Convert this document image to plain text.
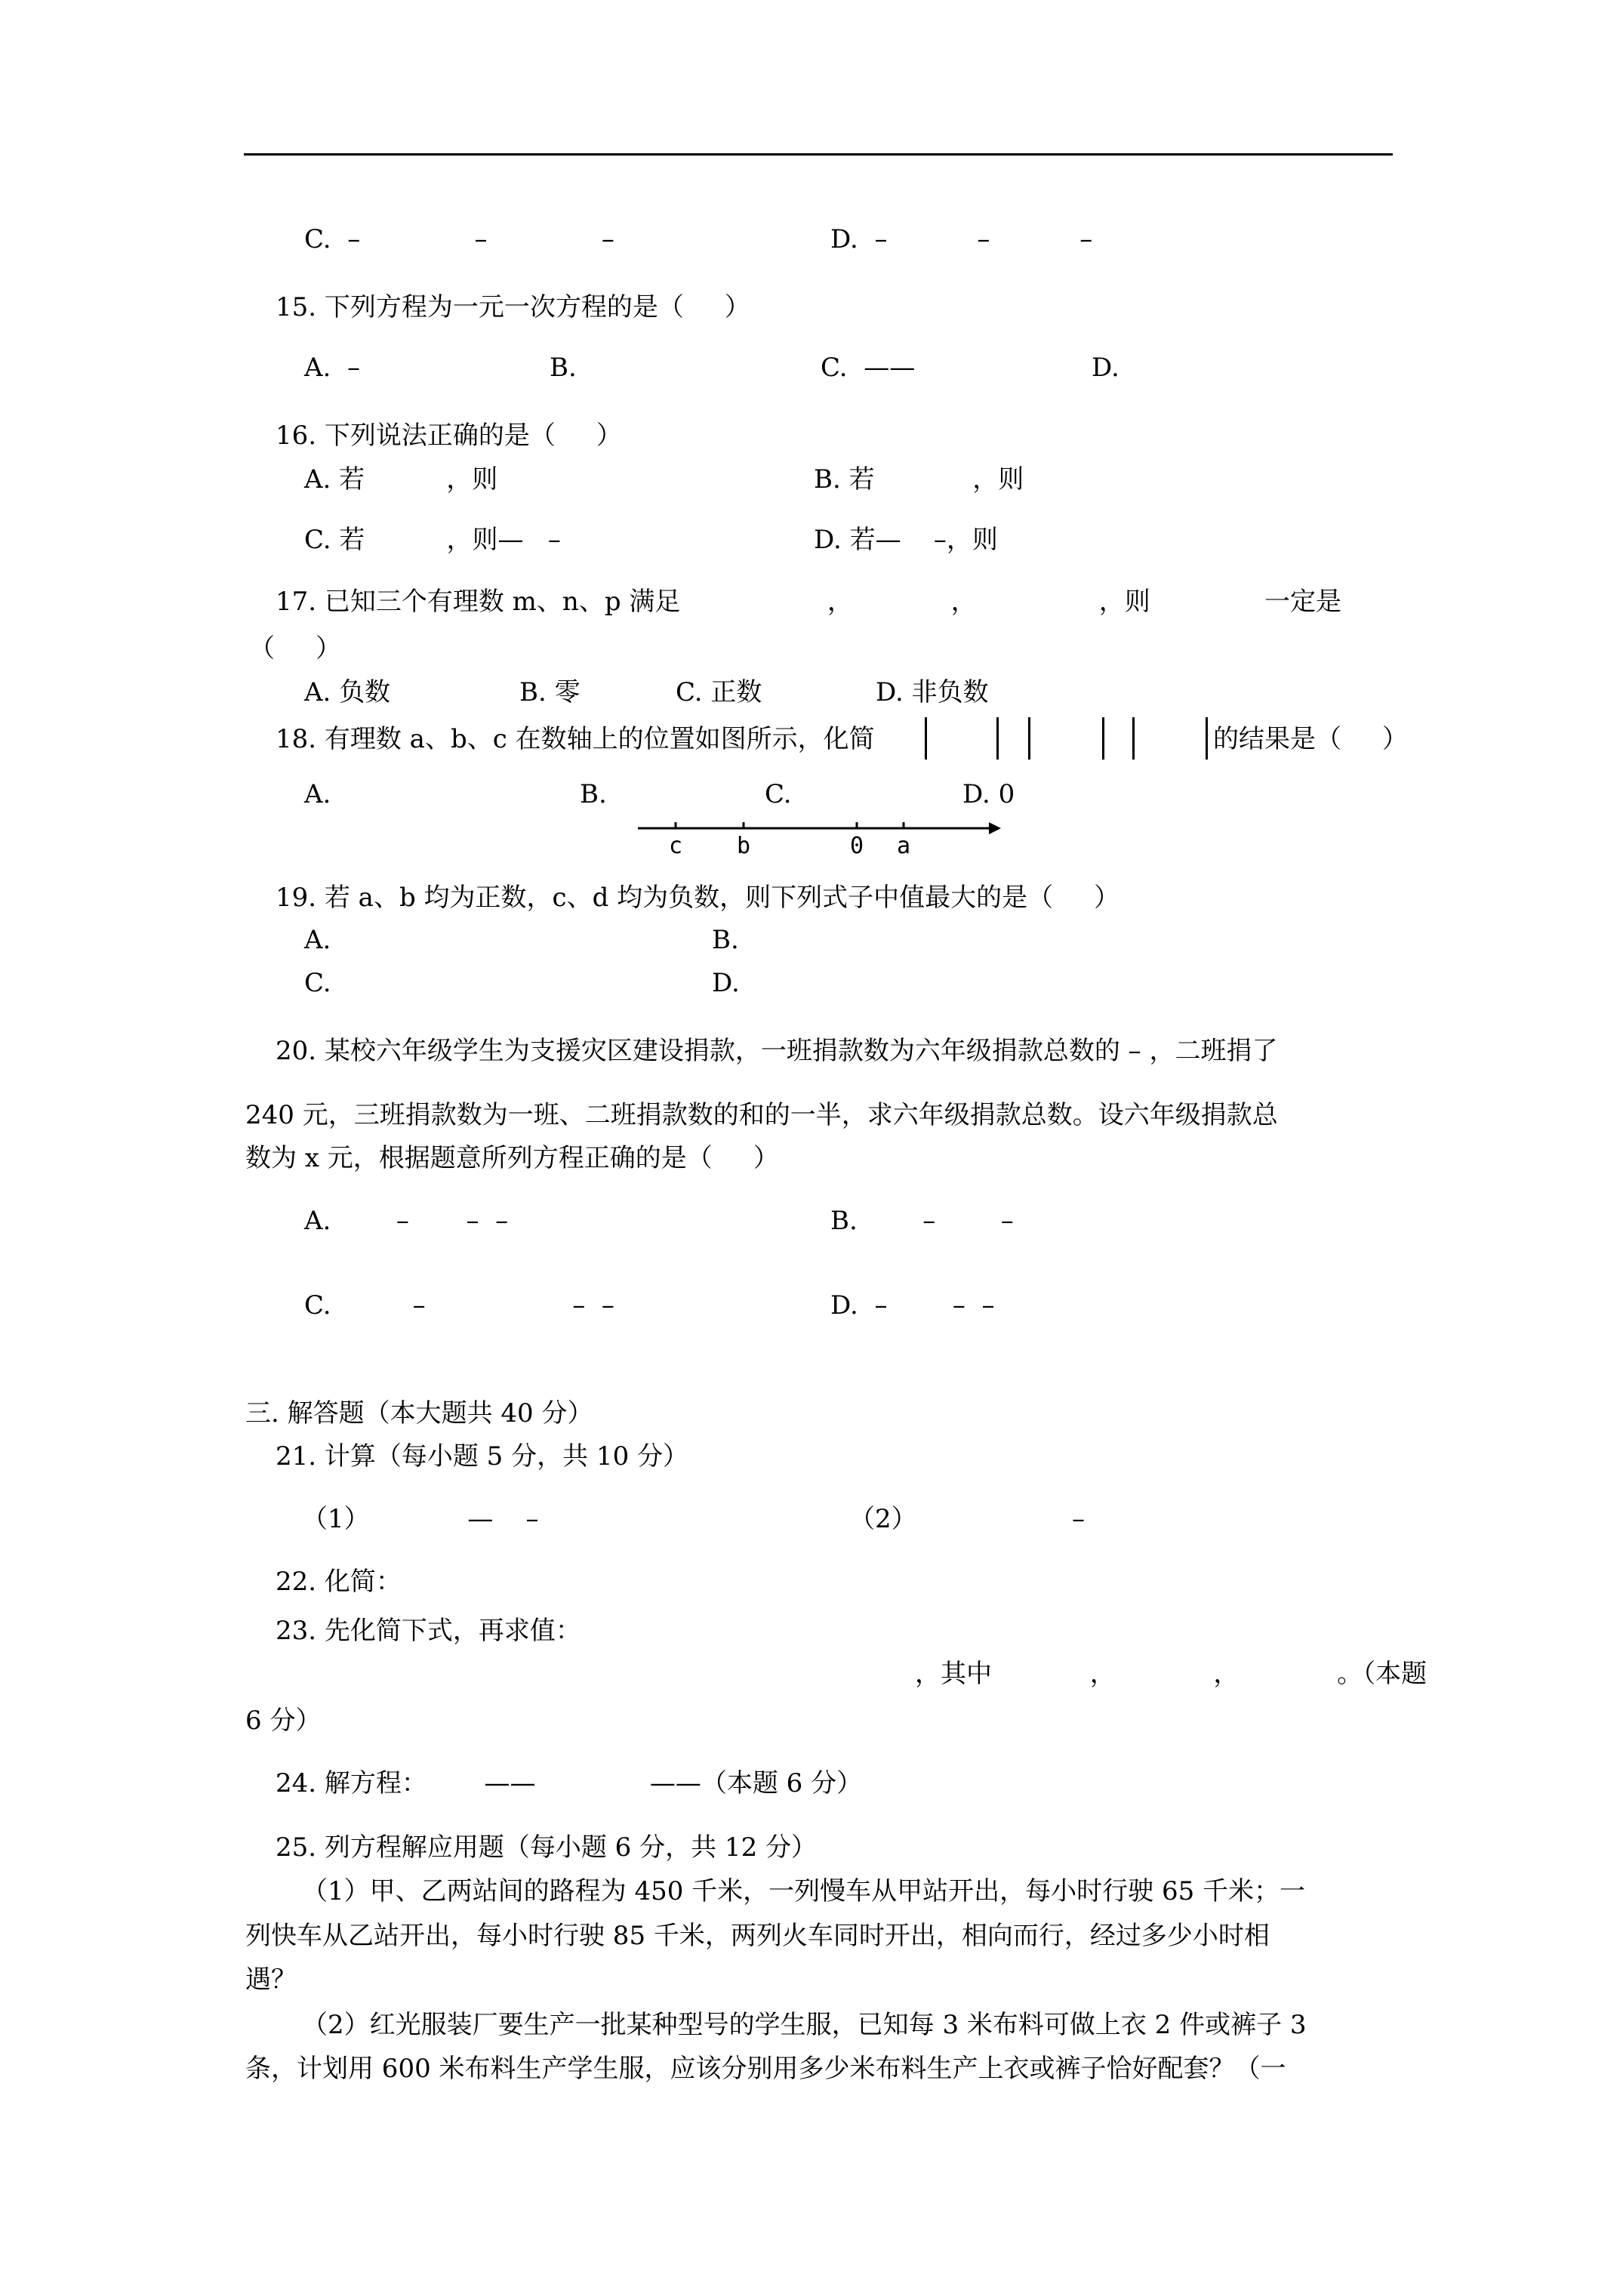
C.  –              –              –	D.  –           –           –
15. 下列方程为一元一次方程的是（     ）
A.  –	B.	C.  ——	D.
16. 下列说法正确的是（     ）
A. 若          ，则	B. 若            ，则
C. 若          ，则—   –	D. 若—    –，则
17. 已知三个有理数 m、n、p 满足                  ，            ，               ，则              一定是
（     ）
A. 负数	B. 零	C. 正数	D. 非负数
18. 有理数 a、b、c 在数轴上的位置如图所示，化简	的结果是（     ）
A.	B.	C.	D. 0
c b	0 a
19. 若 a、b 均为正数，c、d 均为负数，则下列式子中值最大的是（     ）
A.	B.
C.	D.
20. 某校六年级学生为支援灾区建设捐款，一班捐款数为六年级捐款总数的 – ，二班捐了
240 元，三班捐款数为一班、二班捐款数的和的一半，求六年级捐款总数。设六年级捐款总
数为 x 元，根据题意所列方程正确的是（     ）
A.        –       –  –	B.        –        –
C.          –                  –  –	D.  –        –  –
三. 解答题（本大题共 40 分）
21. 计算（每小题 5 分，共 10 分）
（1）            —    –	（2）                   –
22. 化简：
23. 先化简下式，再求值：
，其中            ，            ，            。（本题
6 分）
24. 解方程：       ——              ——（本题 6 分）
25. 列方程解应用题（每小题 6 分，共 12 分）
（1）甲、乙两站间的路程为 450 千米，一列慢车从甲站开出，每小时行驶 65 千米；一
列快车从乙站开出，每小时行驶 85 千米，两列火车同时开出，相向而行，经过多少小时相
遇？
（2）红光服装厂要生产一批某种型号的学生服，已知每 3 米布料可做上衣 2 件或裤子 3
条，计划用 600 米布料生产学生服，应该分别用多少米布料生产上衣或裤子恰好配套？（一
